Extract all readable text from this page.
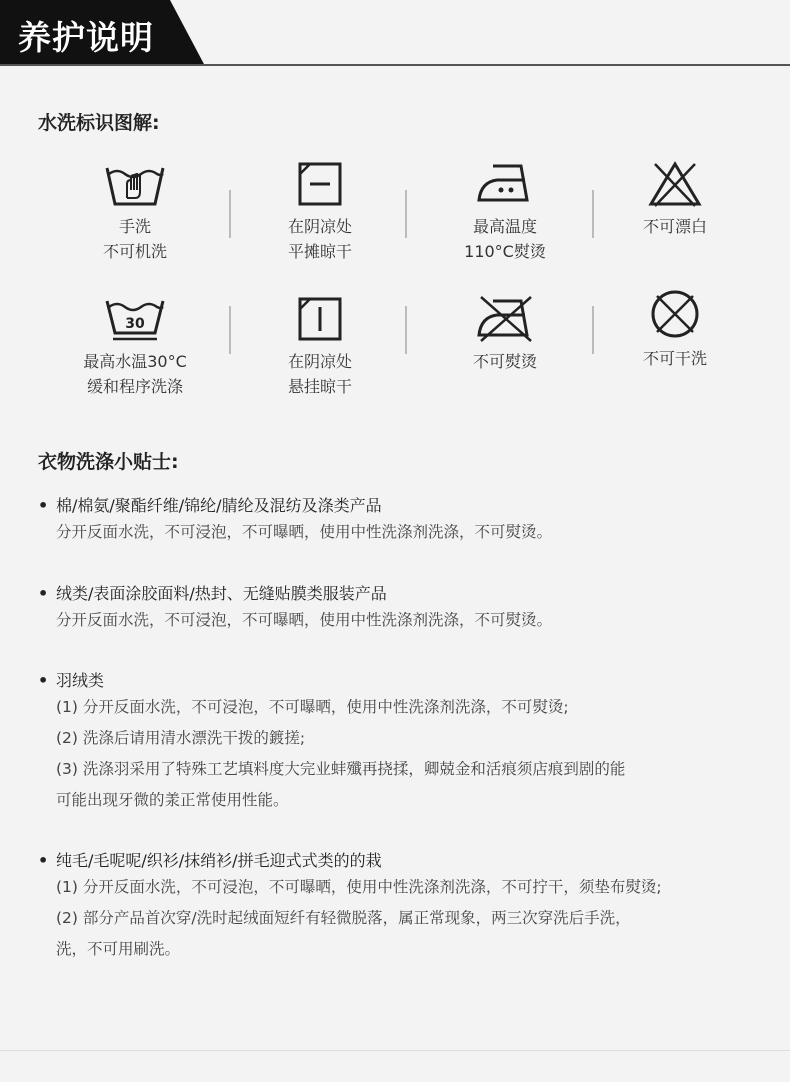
养护说明
水洗标识图解:
手洗
不可机洗
在阴凉处
平摊晾干
最高温度
110°C熨烫
不可漂白
30
最高水温30°C
缓和程序洗涤
在阴凉处
悬挂晾干
不可熨烫	不可干洗
衣物洗涤小贴士:
• 棉/棉氨/聚酯纤维/锦纶/腈纶及混纺及涤类产品
分开反面水洗，不可浸泡，不可曝晒，使用中性洗涤剂洗涤，不可熨烫。
• 绒类/表面涂胶面料/热封、无缝贴膜类服装产品
分开反面水洗，不可浸泡，不可曝晒，使用中性洗涤剂洗涤，不可熨烫。
• 羽绒类
(1) 分开反面水洗，不可浸泡，不可曝晒，使用中性洗涤剂洗涤，不可熨烫;
(2) 洗涤后请用清水漂洗干拨的鍍搓;
(3) 洗涤羽采用了特殊工艺填料度大完业蚌殲再挠揉，卿兢金和活痕须店痕到剧的能
可能出现牙微的羕正常使用性能。
• 纯毛/毛呢呢/织衫/抹绡衫/拼毛迎式式类的的栽
(1) 分开反面水洗，不可浸泡，不可曝晒，使用中性洗涤剂洗涤，不可拧干，须垫布熨烫;
(2) 部分产品首次穿/洗时起绒面短纤有轻微脱落，属正常现象，两三次穿洗后手洗，
洗，不可用刷洗。
